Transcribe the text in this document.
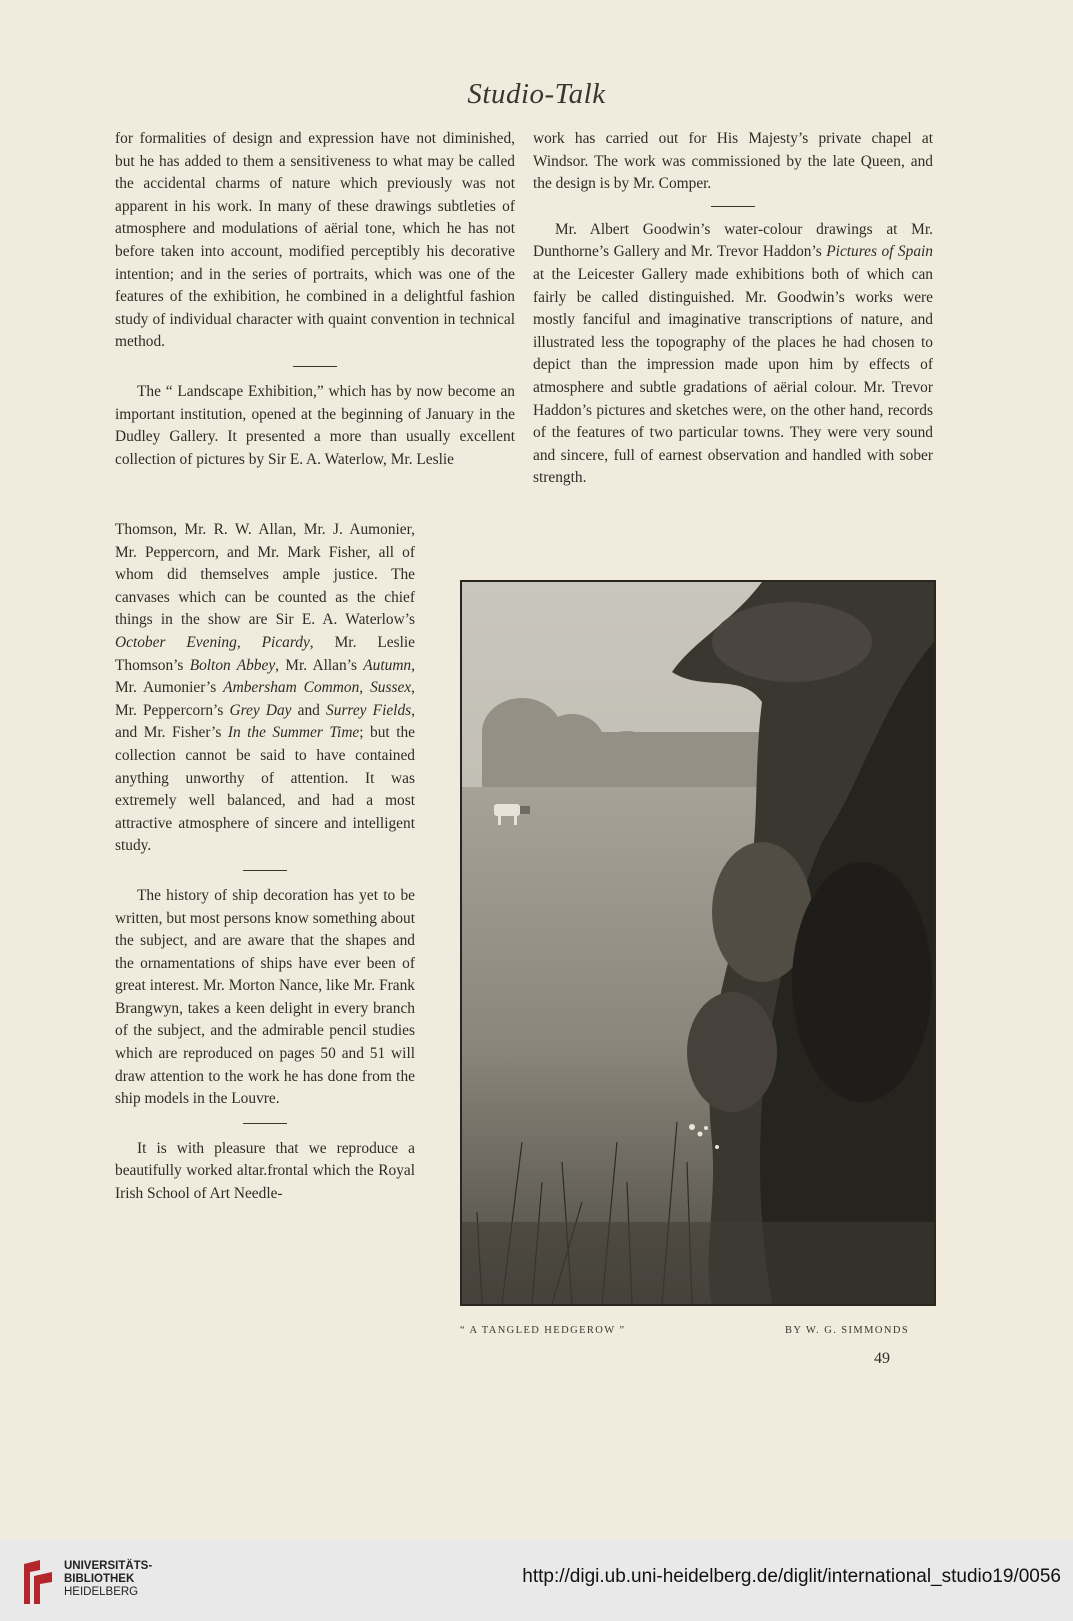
Studio-Talk

for formalities of design and expression have not diminished, but he has added to them a sensitiveness to what may be called the accidental charms of nature which previously was not apparent in his work. In many of these drawings subtleties of atmosphere and modulations of aërial tone, which he has not before taken into account, modified perceptibly his decorative intention; and in the series of portraits, which was one of the features of the exhibition, he combined in a delightful fashion study of individual character with quaint convention in technical method.

The “ Landscape Exhibition,” which has by now become an important institution, opened at the beginning of January in the Dudley Gallery. It presented a more than usually excellent collection of pictures by Sir E. A. Waterlow, Mr. Leslie

Thomson, Mr. R. W. Allan, Mr. J. Aumonier, Mr. Peppercorn, and Mr. Mark Fisher, all of whom did themselves ample justice. The canvases which can be counted as the chief things in the show are Sir E. A. Waterlow’s October Evening, Picardy, Mr. Leslie Thomson’s Bolton Abbey, Mr. Allan’s Autumn, Mr. Aumonier’s Ambersham Common, Sussex, Mr. Peppercorn’s Grey Day and Surrey Fields, and Mr. Fisher’s In the Summer Time; but the collection cannot be said to have contained anything unworthy of attention. It was extremely well balanced, and had a most attractive atmosphere of sincere and intelligent study.

The history of ship decoration has yet to be written, but most persons know something about the subject, and are aware that the shapes and the ornamentations of ships have ever been of great interest. Mr. Morton Nance, like Mr. Frank Brangwyn, takes a keen delight in every branch of the subject, and the admirable pencil studies which are reproduced on pages 50 and 51 will draw attention to the work he has done from the ship models in the Louvre.

It is with pleasure that we reproduce a beautifully worked altar.frontal which the Royal Irish School of Art Needle-

work has carried out for His Majesty’s private chapel at Windsor. The work was commissioned by the late Queen, and the design is by Mr. Comper.

Mr. Albert Goodwin’s water-colour drawings at Mr. Dunthorne’s Gallery and Mr. Trevor Haddon’s Pictures of Spain at the Leicester Gallery made exhibitions both of which can fairly be called distinguished. Mr. Goodwin’s works were mostly fanciful and imaginative transcriptions of nature, and illustrated less the topography of the places he had chosen to depict than the impression made upon him by effects of atmosphere and subtle gradations of aërial colour. Mr. Trevor Haddon’s pictures and sketches were, on the other hand, records of the features of two particular towns. They were very sound and sincere, full of earnest observation and handled with sober strength.

“ A TANGLED HEDGEROW ”	BY W. G. SIMMONDS
49
UNIVERSITÄTS-
BIBLIOTHEK
HEIDELBERG
http://digi.ub.uni-heidelberg.de/diglit/international_studio19/0056
